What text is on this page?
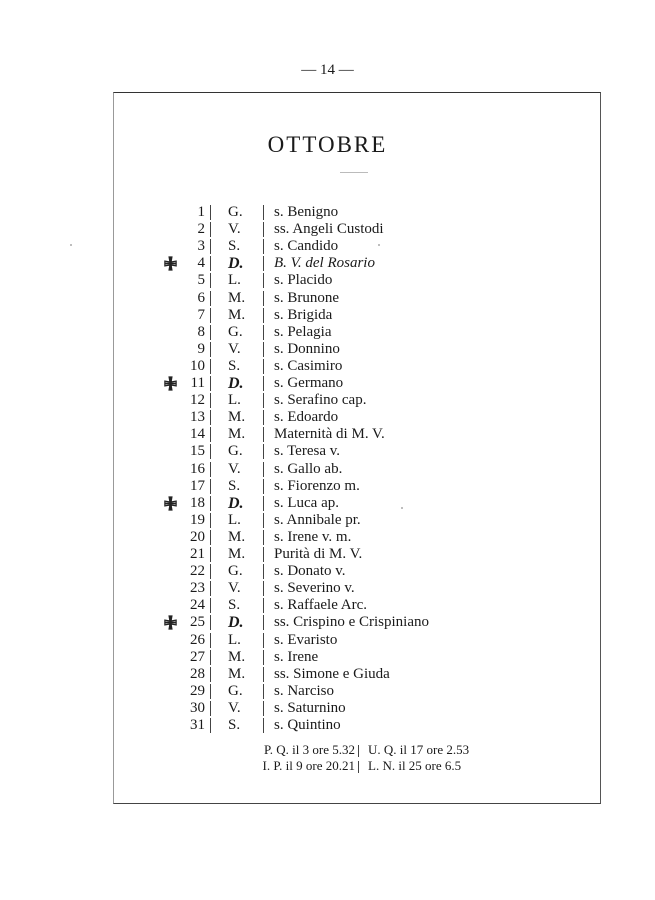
— 14 —
OTTOBRE
1 G. s. Benigno
2 V. ss. Angeli Custodi
3 S. s. Candido
4 D. B. V. del Rosario
5 L. s. Placido
6 M. s. Brunone
7 M. s. Brigida
8 G. s. Pelagia
9 V. s. Donnino
10 S. s. Casimiro
11 D. s. Germano
12 L. s. Serafino cap.
13 M. s. Edoardo
14 M. Maternità di M. V.
15 G. s. Teresa v.
16 V. s. Gallo ab.
17 S. s. Fiorenzo m.
18 D. s. Luca ap.
19 L. s. Annibale pr.
20 M. s. Irene v. m.
21 M. Purità di M. V.
22 G. s. Donato v.
23 V. s. Severino v.
24 S. s. Raffaele Arc.
25 D. ss. Crispino e Crispiniano
26 L. s. Evaristo
27 M. s. Irene
28 M. ss. Simone e Giuda
29 G. s. Narciso
30 V. s. Saturnino
31 S. s. Quintino
P. Q. il 3 ore 5.32 U. Q. il 17 ore 2.53
I. P. il 9 ore 20.21 L. N. il 25 ore 6.5
